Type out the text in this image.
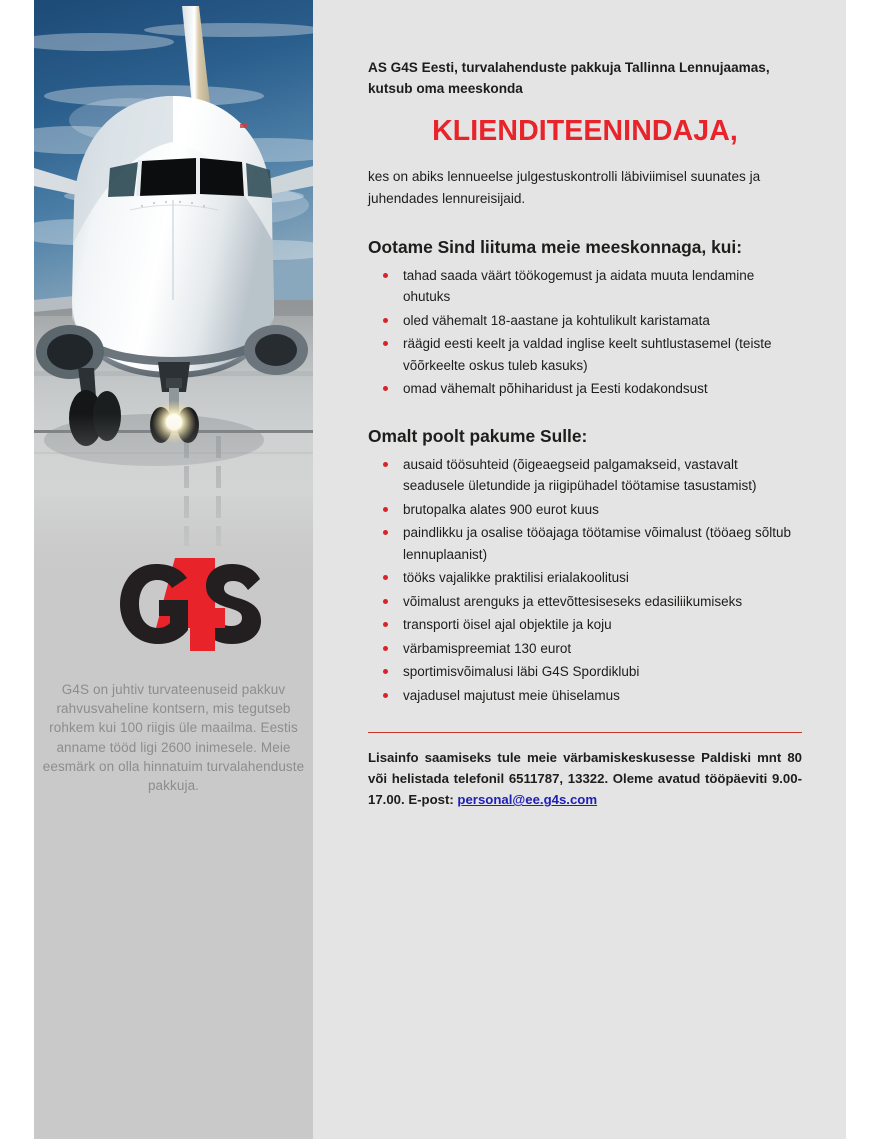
G4S on juhtiv turvateenuseid pakkuv rahvusvaheline kontsern, mis tegutseb rohkem kui 100 riigis üle maailma. Eestis anname tööd ligi 2600 inimesele. Meie eesmärk on olla hinnatuim turvalahenduste pakkuja.

AS G4S Eesti, turvalahenduste pakkuja Tallinna Lennujaamas, kutsub oma meeskonda

KLIENDITEENINDAJA,

kes on abiks lennueelse julgestuskontrolli läbiviimisel suunates ja juhendades lennureisijaid.

Ootame Sind liituma meie meeskonnaga, kui:
tahad saada väärt töökogemust ja aidata muuta lendamine ohutuks
oled vähemalt 18-aastane ja kohtulikult karistamata
räägid eesti keelt ja valdad inglise keelt suhtlustasemel (teiste võõrkeelte oskus tuleb kasuks)
omad vähemalt põhiharidust ja Eesti kodakondsust
Omalt poolt pakume Sulle:
ausaid töösuhteid (õigeaegseid palgamakseid, vastavalt seadusele ületundide ja riigipühadel töötamise tasustamist)
brutopalka alates 900 eurot kuus
paindlikku ja osalise tööajaga töötamise võimalust (tööaeg sõltub lennuplaanist)
tööks vajalikke praktilisi erialakoolitusi
võimalust arenguks ja ettevõttesiseseks edasiliikumiseks
transporti öisel ajal objektile ja koju
värbamispreemiat 130 eurot
sportimisvõimalusi läbi G4S Spordiklubi
vajadusel majutust meie ühiselamus

Lisainfo saamiseks tule meie värbamiskeskusesse Paldiski mnt 80 või helistada telefonil 6511787, 13322. Oleme avatud tööpäeviti 9.00-17.00. E-post: personal@ee.g4s.com
